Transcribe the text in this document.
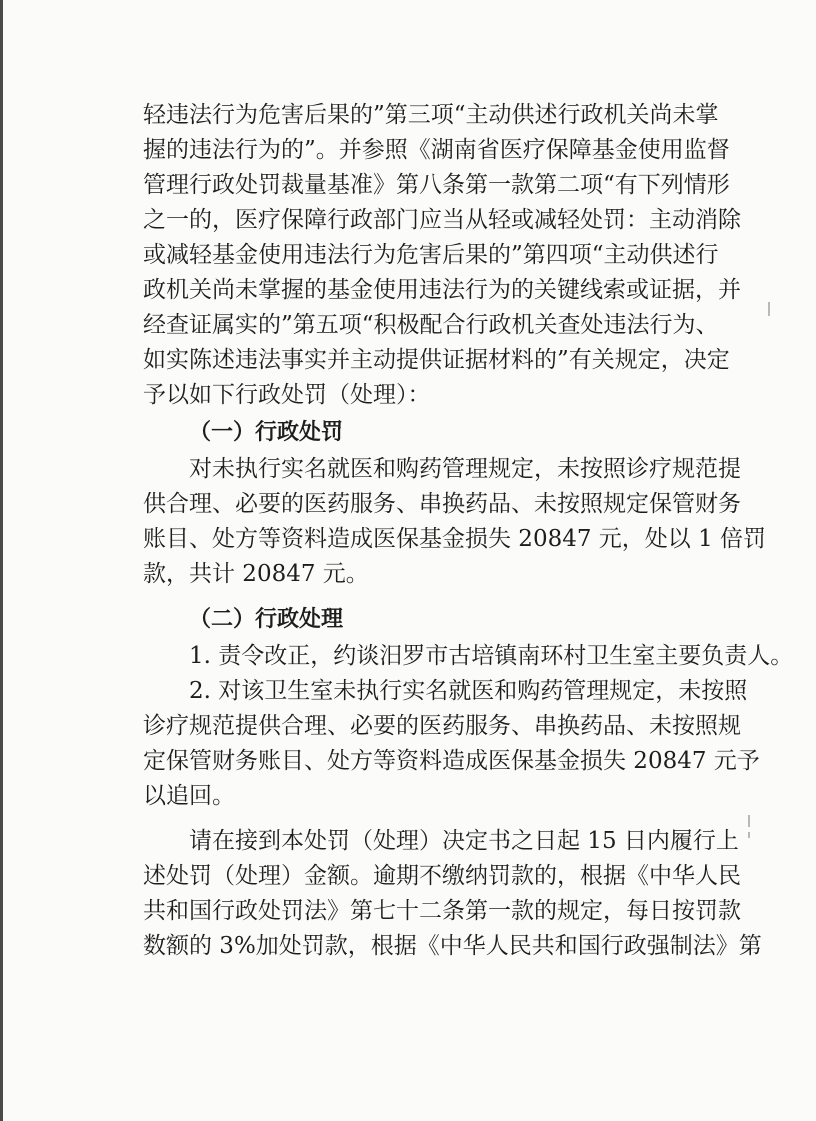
轻违法行为危害后果的”第三项“主动供述行政机关尚未掌
握的违法行为的”。并参照《湖南省医疗保障基金使用监督
管理行政处罚裁量基准》第八条第一款第二项“有下列情形
之一的，医疗保障行政部门应当从轻或减轻处罚：主动消除
或减轻基金使用违法行为危害后果的”第四项“主动供述行
政机关尚未掌握的基金使用违法行为的关键线索或证据，并
经查证属实的”第五项“积极配合行政机关查处违法行为、
如实陈述违法事实并主动提供证据材料的”有关规定，决定
予以如下行政处罚（处理）：
（一）行政处罚
对未执行实名就医和购药管理规定，未按照诊疗规范提
供合理、必要的医药服务、串换药品、未按照规定保管财务
账目、处方等资料造成医保基金损失 20847 元，处以 1 倍罚
款，共计 20847 元。
（二）行政处理
1. 责令改正，约谈汨罗市古培镇南环村卫生室主要负责人。
2. 对该卫生室未执行实名就医和购药管理规定，未按照
诊疗规范提供合理、必要的医药服务、串换药品、未按照规
定保管财务账目、处方等资料造成医保基金损失 20847 元予
以追回。
请在接到本处罚（处理）决定书之日起 15 日内履行上
述处罚（处理）金额。逾期不缴纳罚款的，根据《中华人民
共和国行政处罚法》第七十二条第一款的规定，每日按罚款
数额的 3%加处罚款，根据《中华人民共和国行政强制法》第
